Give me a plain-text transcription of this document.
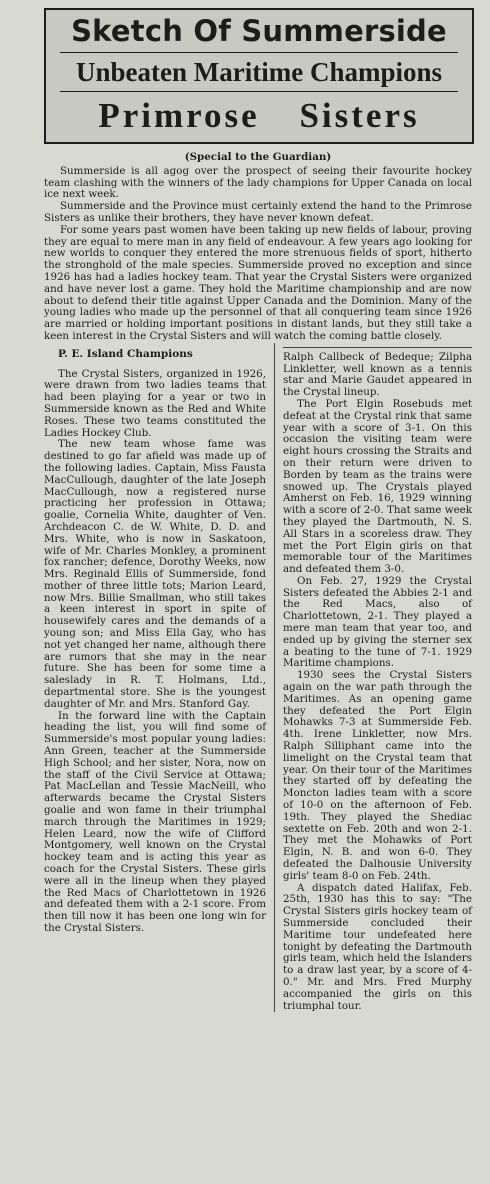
Sketch Of Summerside
Unbeaten Maritime Champions
Primrose Sisters

(Special to the Guardian)

Summerside is all agog over the prospect of seeing their favourite hockey team clashing with the winners of the lady champions for Upper Canada on local ice next week.

Summerside and the Province must certainly extend the hand to the Primrose Sisters as unlike their brothers, they have never known defeat.

For some years past women have been taking up new fields of labour, proving they are equal to mere man in any field of endeavour. A few years ago looking for new worlds to conquer they entered the more strenuous fields of sport, hitherto the stronghold of the male species. Summerside proved no exception and since 1926 has had a ladies hockey team. That year the Crystal Sisters were organized and have never lost a game. They hold the Maritime championship and are now about to defend their title against Upper Canada and the Dominion. Many of the young ladies who made up the personnel of that all conquering team since 1926 are married or holding important positions in distant lands, but they still take a keen interest in the Crystal Sisters and will watch the coming battle closely.

P. E. Island Champions

The Crystal Sisters, organized in 1926, were drawn from two ladies teams that had been playing for a year or two in Summerside known as the Red and White Roses. These two teams constituted the Ladies Hockey Club.

The new team whose fame was destined to go far afield was made up of the following ladies. Captain, Miss Fausta MacCullough, daughter of the late Joseph MacCullough, now a registered nurse practicing her profession in Ottawa; goalie, Cornelia White, daughter of Ven. Archdeacon C. de W. White, D. D. and Mrs. White, who is now in Saskatoon, wife of Mr. Charles Monkley, a prominent fox rancher; defence, Dorothy Weeks, now Mrs. Reginald Ellis of Summerside, fond mother of three little tots; Marion Leard, now Mrs. Billie Smallman, who still takes a keen interest in sport in spite of housewifely cares and the demands of a young son; and Miss Ella Gay, who has not yet changed her name, although there are rumors that she may in the near future. She has been for some time a saleslady in R. T. Holmans, Ltd., departmental store. She is the youngest daughter of Mr. and Mrs. Stanford Gay.

In the forward line with the Captain heading the list, you will find some of Summerside's most popular young ladies: Ann Green, teacher at the Summerside High School; and her sister, Nora, now on the staff of the Civil Service at Ottawa; Pat MacLellan and Tessie MacNeill, who afterwards became the Crystal Sisters goalie and won fame in their triumphal march through the Maritimes in 1929; Helen Leard, now the wife of Clifford Montgomery, well known on the Crystal hockey team and is acting this year as coach for the Crystal Sisters. These girls were all in the lineup when they played the Red Macs of Charlottetown in 1926 and defeated them with a 2-1 score. From then till now it has been one long win for the Crystal Sisters.

Ralph Callbeck of Bedeque; Zilpha Linkletter, well known as a tennis star and Marie Gaudet appeared in the Crystal lineup.

The Port Elgin Rosebuds met defeat at the Crystal rink that same year with a score of 3-1. On this occasion the visiting team were eight hours crossing the Straits and on their return were driven to Borden by team as the trains were snowed up. The Crystals played Amherst on Feb. 16, 1929 winning with a score of 2-0. That same week they played the Dartmouth, N. S. All Stars in a scoreless draw. They met the Port Elgin girls on that memorable tour of the Maritimes and defeated them 3-0.

On Feb. 27, 1929 the Crystal Sisters defeated the Abbies 2-1 and the Red Macs, also of Charlottetown, 2-1. They played a mere man team that year too, and ended up by giving the sterner sex a beating to the tune of 7-1. 1929 Maritime champions.

1930 sees the Crystal Sisters again on the war path through the Maritimes. As an opening game they defeated the Port Elgin Mohawks 7-3 at Summerside Feb. 4th. Irene Linkletter, now Mrs. Ralph Silliphant came into the limelight on the Crystal team that year. On their tour of the Maritimes they started off by defeating the Moncton ladies team with a score of 10-0 on the afternoon of Feb. 19th. They played the Shediac sextette on Feb. 20th and won 2-1. They met the Mohawks of Port Elgin, N. B. and won 6-0. They defeated the Dalhousie University girls' team 8-0 on Feb. 24th.

A dispatch dated Halifax, Feb. 25th, 1930 has this to say: "The Crystal Sisters girls hockey team of Summerside concluded their Maritime tour undefeated here tonight by defeating the Dartmouth girls team, which held the Islanders to a draw last year, by a score of 4-0." Mr. and Mrs. Fred Murphy accompanied the girls on this triumphal tour.
